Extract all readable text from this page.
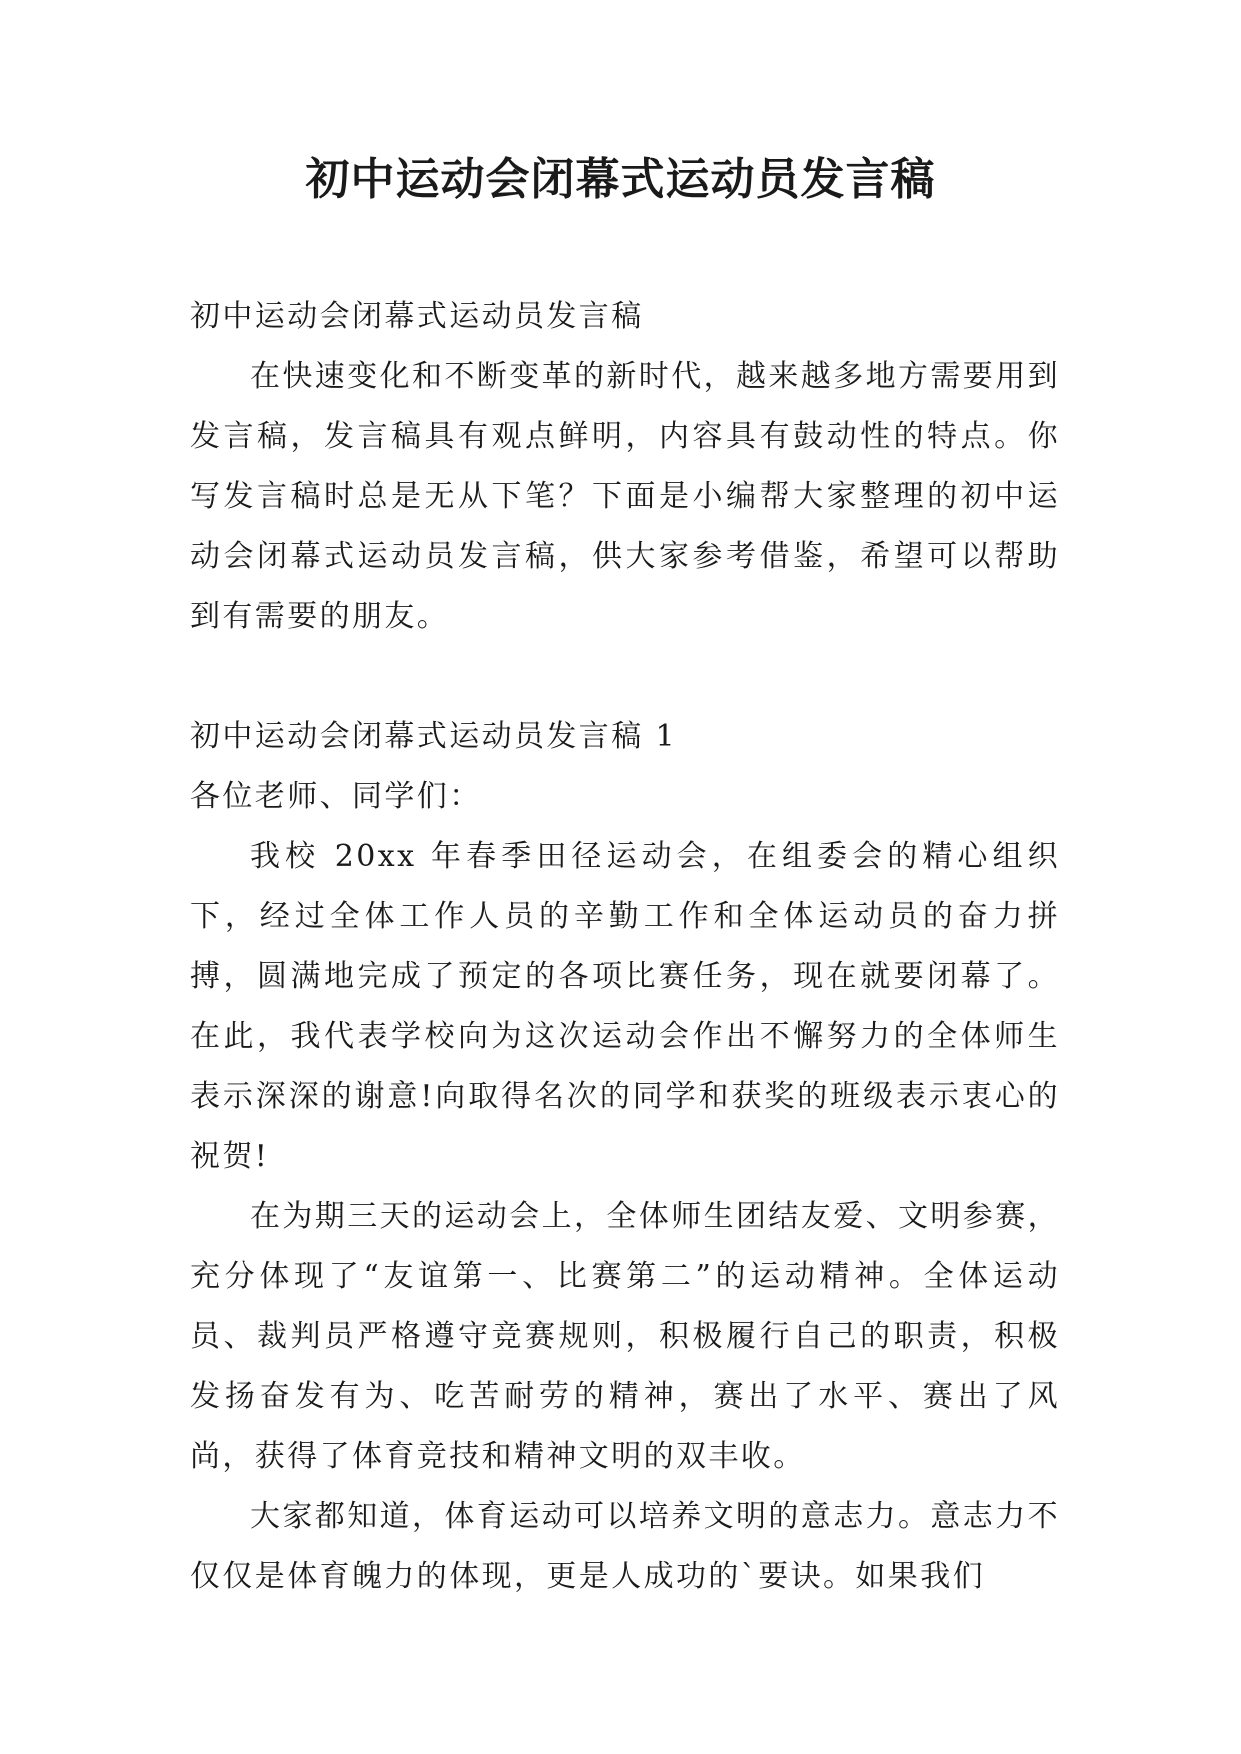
初中运动会闭幕式运动员发言稿

初中运动会闭幕式运动员发言稿

在快速变化和不断变革的新时代，越来越多地方需要用到发言稿，发言稿具有观点鲜明，内容具有鼓动性的特点。你写发言稿时总是无从下笔？下面是小编帮大家整理的初中运动会闭幕式运动员发言稿，供大家参考借鉴，希望可以帮助到有需要的朋友。

初中运动会闭幕式运动员发言稿 1

各位老师、同学们：

我校 20xx 年春季田径运动会，在组委会的精心组织下，经过全体工作人员的辛勤工作和全体运动员的奋力拼搏，圆满地完成了预定的各项比赛任务，现在就要闭幕了。在此，我代表学校向为这次运动会作出不懈努力的全体师生表示深深的谢意!向取得名次的同学和获奖的班级表示衷心的祝贺!

在为期三天的运动会上，全体师生团结友爱、文明参赛，充分体现了“友谊第一、比赛第二”的运动精神。全体运动员、裁判员严格遵守竞赛规则，积极履行自己的职责，积极发扬奋发有为、吃苦耐劳的精神，赛出了水平、赛出了风尚，获得了体育竞技和精神文明的双丰收。

大家都知道，体育运动可以培养文明的意志力。意志力不仅仅是体育魄力的体现，更是人成功的`要诀。如果我们
